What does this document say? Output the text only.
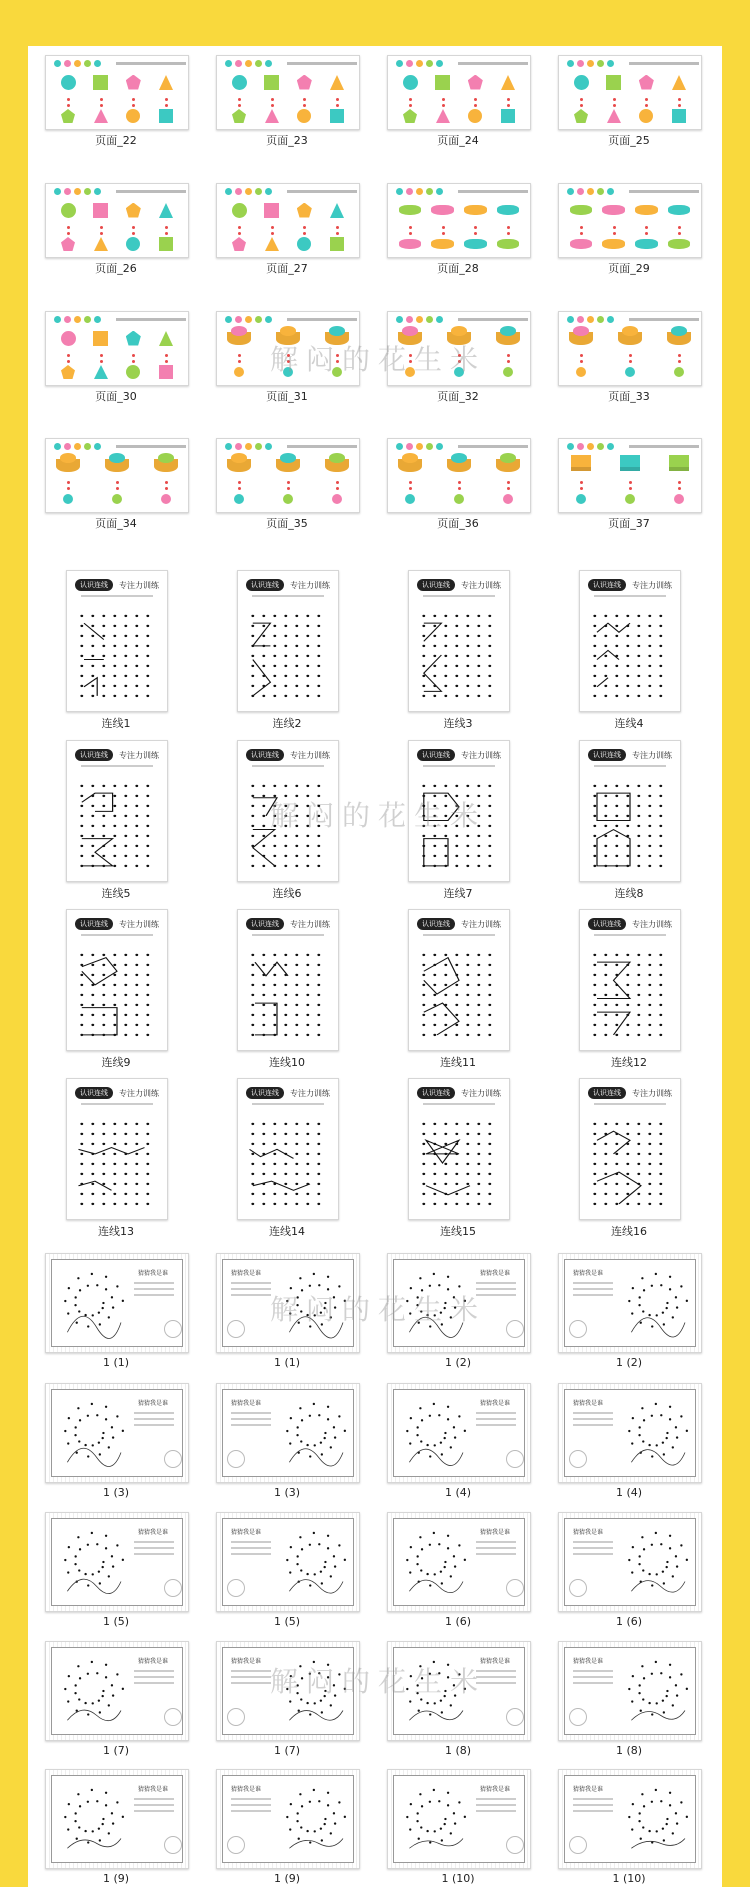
页面_22	页面_23	页面_24	页面_25
页面_26	页面_27	页面_28	页面_29
页面_30	页面_31	页面_32	页面_33
页面_34	页面_35	页面_36	页面_37
认识连线	专注力训练
连线1
认识连线	专注力训练
连线2
认识连线	专注力训练
连线3
认识连线	专注力训练
连线4
认识连线	专注力训练
连线5
认识连线	专注力训练
连线6
认识连线	专注力训练
连线7
认识连线	专注力训练
连线8
认识连线	专注力训练
连线9
认识连线	专注力训练
连线10
认识连线	专注力训练
连线11
认识连线	专注力训练
连线12
认识连线	专注力训练
连线13
认识连线	专注力训练
连线14
认识连线	专注力训练
连线15
认识连线	专注力训练
连线16
猜猜我是谁
1 (1)
猜猜我是谁
1 (1)
猜猜我是谁
1 (2)
猜猜我是谁
1 (2)
猜猜我是谁
1 (3)
猜猜我是谁
1 (3)
猜猜我是谁
1 (4)
猜猜我是谁
1 (4)
猜猜我是谁
1 (5)
猜猜我是谁
1 (5)
猜猜我是谁
1 (6)
猜猜我是谁
1 (6)
猜猜我是谁
1 (7)
猜猜我是谁
1 (7)
猜猜我是谁
1 (8)
猜猜我是谁
1 (8)
猜猜我是谁
1 (9)
猜猜我是谁
1 (9)
猜猜我是谁
1 (10)
猜猜我是谁
1 (10)
解闷的花生米
解闷的花生米
解闷的花生米
解闷的花生米
